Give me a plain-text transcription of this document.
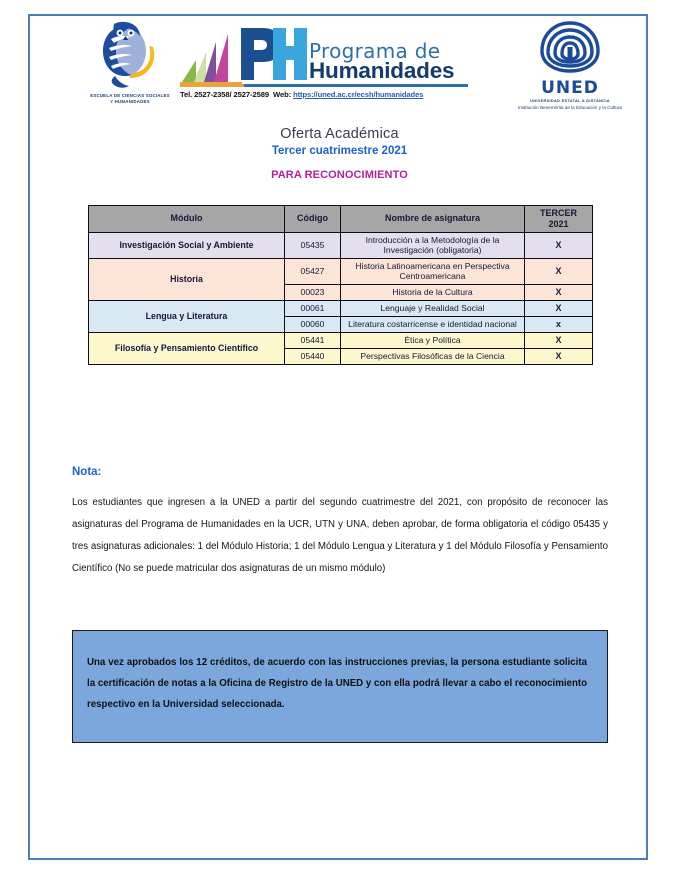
ESCUELA DE CIENCIAS SOCIALES
Y HUMANIDADES
Programa de
Humanidades
Tel. 2527-2358/ 2527-2589 Web: https://uned.ac.cr/ecsh/humanidades	UNED
UNIVERSIDAD ESTATAL A DISTANCIA
Institución Benemérita de la Educación y la Cultura
Oferta Académica
Tercer cuatrimestre 2021
PARA RECONOCIMIENTO
Módulo	Código	Nombre de asignatura	TERCER
2021

Investigación Social y Ambiente	05435	Introducción a la Metodología de la Investigación (obligatoria)	X
Historia	05427	Historia Latinoamericana en Perspectiva Centroamericana	X
	00023	Historia de la Cultura	X
Lengua y Literatura	00061	Lenguaje y Realidad Social	X
	00060	Literatura costarricense e identidad nacional	x
Filosofía y Pensamiento Científico	05441	Ética y Política	X
	05440	Perspectivas Filosóficas de la Ciencia	X
Nota:
Los estudiantes que ingresen a la UNED a partir del segundo cuatrimestre del 2021, con propósito de reconocer las asignaturas del Programa de Humanidades en la UCR, UTN y UNA, deben aprobar, de forma obligatoria el código 05435 y tres asignaturas adicionales: 1 del Módulo Historia; 1 del Módulo Lengua y Literatura y 1 del Módulo Filosofía y Pensamiento Científico (No se puede matricular dos asignaturas de un mismo módulo)
Una vez aprobados los 12 créditos, de acuerdo con las instrucciones previas, la persona estudiante solicita la certificación de notas a la Oficina de Registro de la UNED y con ella podrá llevar a cabo el reconocimiento respectivo en la Universidad seleccionada.
